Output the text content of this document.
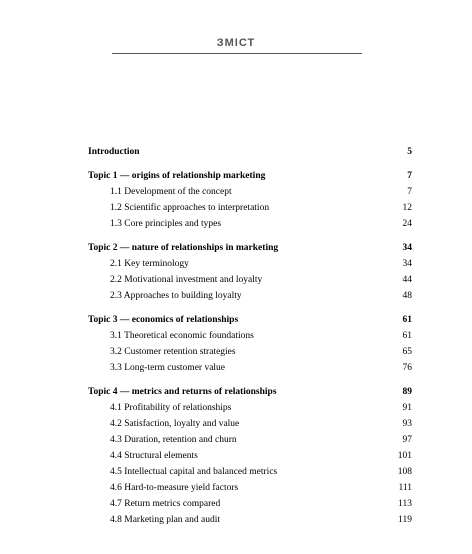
ЗМІСТ
Introduction	5
Topic 1 — origins of relationship marketing	7
1.1 Development of the concept	7
1.2 Scientific approaches to interpretation	12
1.3 Core principles and types	24
Topic 2 — nature of relationships in marketing	34
2.1 Key terminology	34
2.2 Motivational investment and loyalty	44
2.3 Approaches to building loyalty	48
Topic 3 — economics of relationships	61
3.1 Theoretical economic foundations	61
3.2 Customer retention strategies	65
3.3 Long-term customer value	76
Topic 4 — metrics and returns of relationships	89
4.1 Profitability of relationships	91
4.2 Satisfaction, loyalty and value	93
4.3 Duration, retention and churn	97
4.4 Structural elements	101
4.5 Intellectual capital and balanced metrics	108
4.6 Hard-to-measure yield factors	111
4.7 Return metrics compared	113
4.8 Marketing plan and audit	119
